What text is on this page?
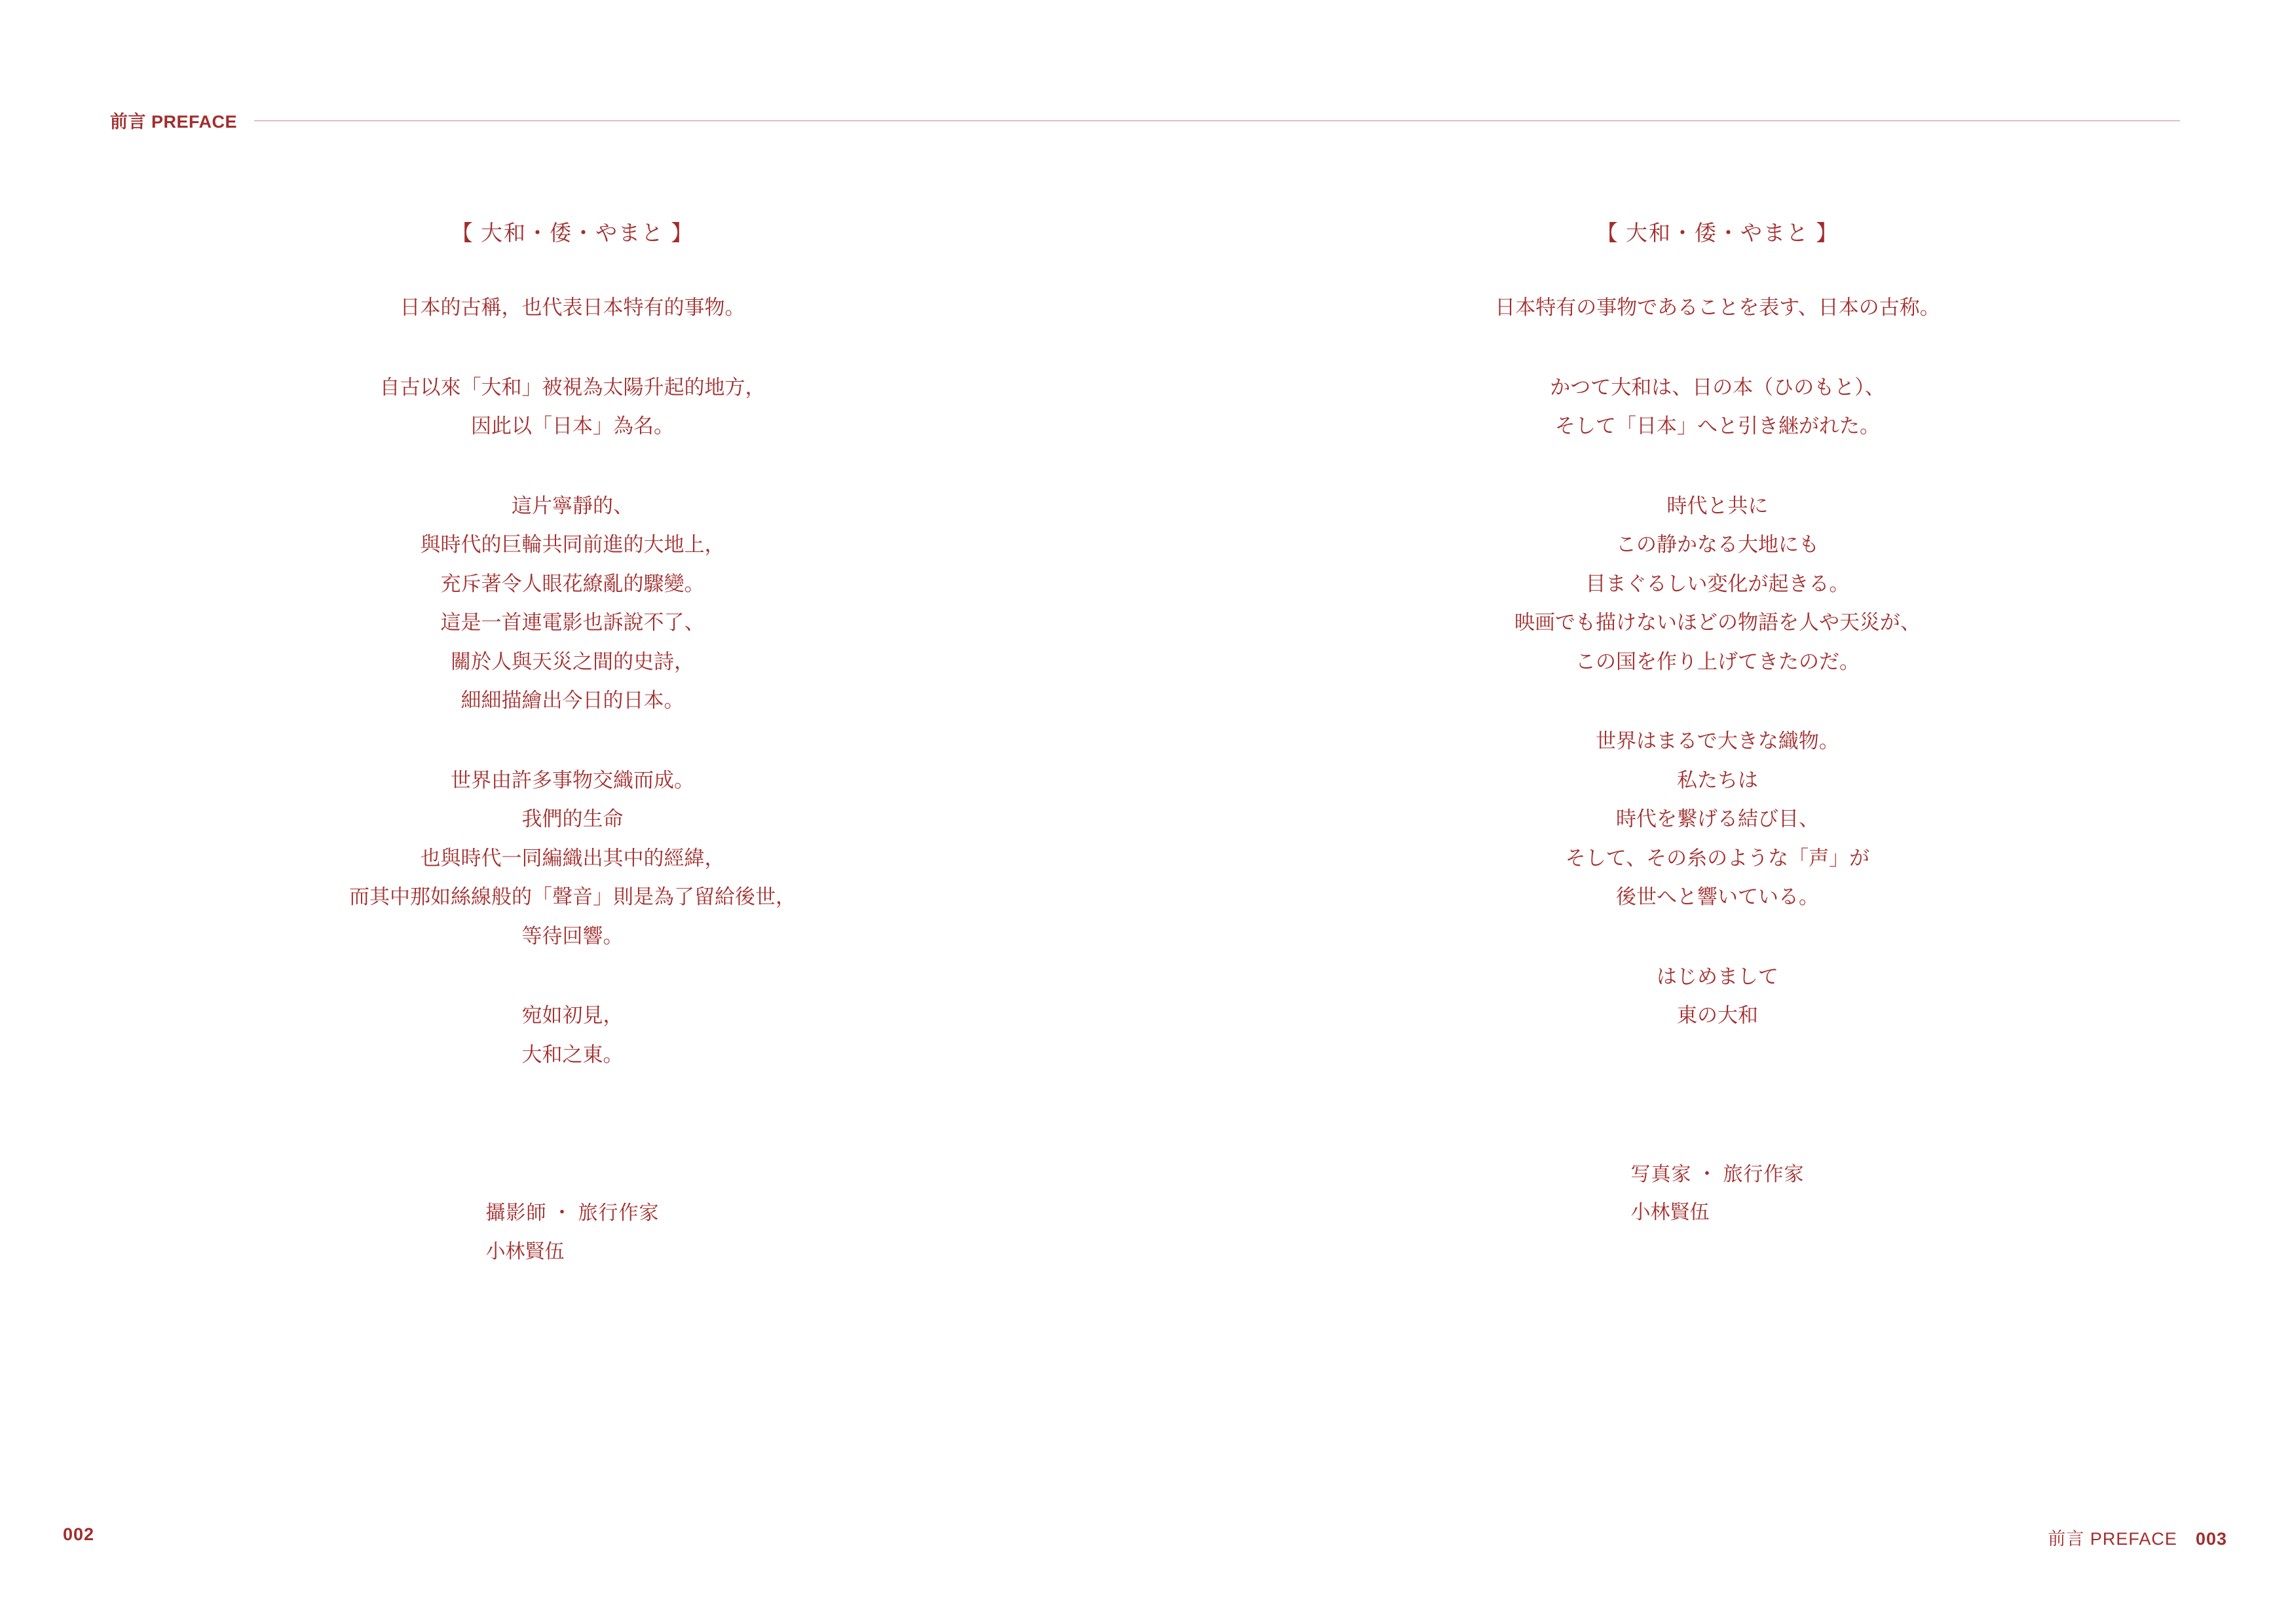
前言 PREFACE
【 大和・倭・やまと 】
日本的古稱，也代表日本特有的事物。
自古以來「大和」被視為太陽升起的地方，
因此以「日本」為名。
這片寧靜的、
與時代的巨輪共同前進的大地上，
充斥著令人眼花繚亂的驟變。
這是一首連電影也訴說不了、
關於人與天災之間的史詩，
細細描繪出今日的日本。
世界由許多事物交織而成。
我們的生命
也與時代一同編織出其中的經緯，
而其中那如絲線般的「聲音」則是為了留給後世，
等待回響。
宛如初見，
大和之東。
攝影師 ・ 旅行作家
小林賢伍
【 大和・倭・やまと 】
日本特有の事物であることを表す、日本の古称。
かつて大和は、日の本（ひのもと）、
そして「日本」へと引き継がれた。
時代と共に
この静かなる大地にも
目まぐるしい変化が起きる。
映画でも描けないほどの物語を人や天災が、
この国を作り上げてきたのだ。
世界はまるで大きな織物。
私たちは
時代を繋げる結び目、
そして、その糸のような「声」が
後世へと響いている。
はじめまして
東の大和
写真家 ・ 旅行作家
小林賢伍
002	前言 PREFACE 003
